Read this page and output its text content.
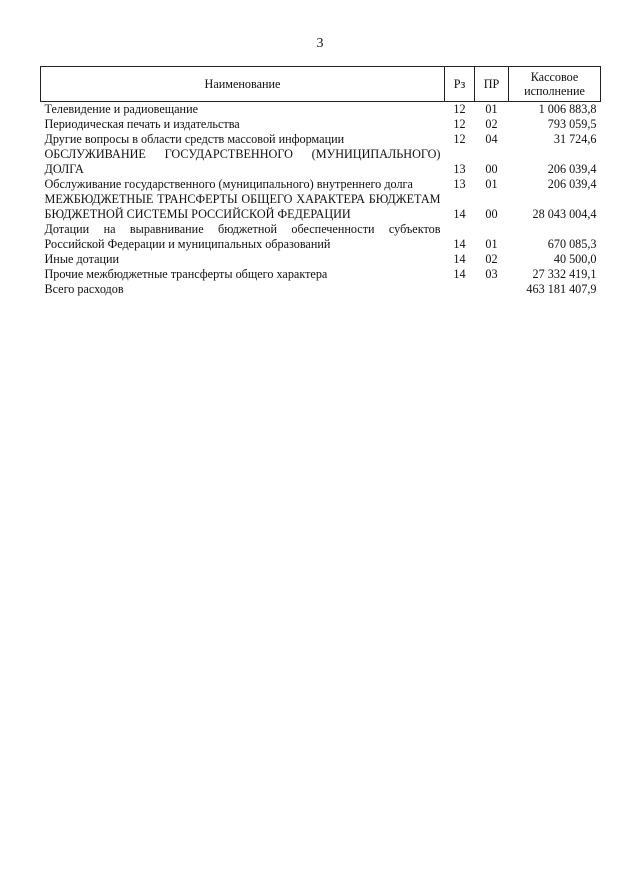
3
Наименование	Рз	ПР	Кассовое исполнение
Телевидение и радиовещание	12	01	1 006 883,8
Периодическая печать и издательства	12	02	793 059,5
Другие вопросы в области средств массовой информации	12	04	31 724,6
ОБСЛУЖИВАНИЕ ГОСУДАРСТВЕННОГО (МУНИЦИПАЛЬНОГО) ДОЛГА	13	00	206 039,4
Обслуживание государственного (муниципального) внутреннего долга	13	01	206 039,4
МЕЖБЮДЖЕТНЫЕ ТРАНСФЕРТЫ ОБЩЕГО ХАРАКТЕРА БЮДЖЕТАМ БЮДЖЕТНОЙ СИСТЕМЫ РОССИЙСКОЙ ФЕДЕРАЦИИ	14	00	28 043 004,4
Дотации на выравнивание бюджетной обеспеченности субъектов Российской Федерации и муниципальных образований	14	01	670 085,3
Иные дотации	14	02	40 500,0
Прочие межбюджетные трансферты общего характера	14	03	27 332 419,1
Всего расходов			463 181 407,9
